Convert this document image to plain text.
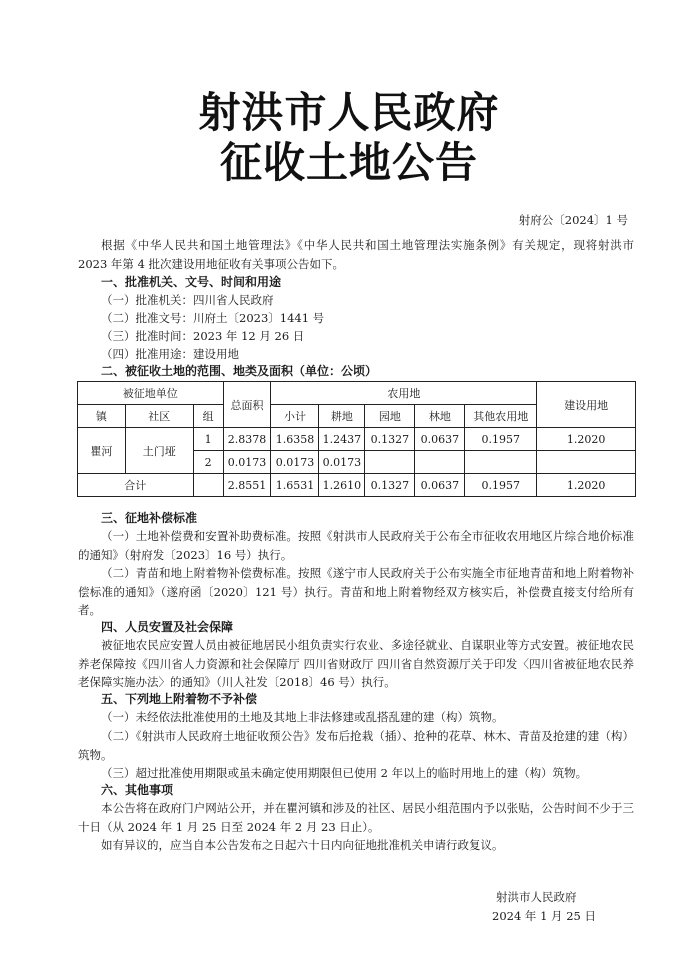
射洪市人民政府
征收土地公告
射府公〔2024〕1 号
根据《中华人民共和国土地管理法》《中华人民共和国土地管理法实施条例》有关规定，现将射洪市 2023 年第 4 批次建设用地征收有关事项公告如下。
一、批准机关、文号、时间和用途
（一）批准机关：四川省人民政府
（二）批准文号：川府土〔2023〕1441 号
（三）批准时间：2023 年 12 月 26 日
（四）批准用途：建设用地
二、被征收土地的范围、地类及面积（单位：公顷）
被征地单位			总面积	农用地					建设用地
镇	社区	组		小计	耕地	园地	林地	其他农用地	
瞿河	土门垭	1	2.8378	1.6358	1.2437	0.1327	0.0637	0.1957	1.2020
		2	0.0173	0.0173	0.0173				
合计			2.8551	1.6531	1.2610	0.1327	0.0637	0.1957	1.2020
三、征地补偿标准
（一）土地补偿费和安置补助费标准。按照《射洪市人民政府关于公布全市征收农用地区片综合地价标准的通知》（射府发〔2023〕16 号）执行。
（二）青苗和地上附着物补偿费标准。按照《遂宁市人民政府关于公布实施全市征地青苗和地上附着物补偿标准的通知》（遂府函〔2020〕121 号）执行。青苗和地上附着物经双方核实后，补偿费直接支付给所有者。
四、人员安置及社会保障
被征地农民应安置人员由被征地居民小组负责实行农业、多途径就业、自谋职业等方式安置。被征地农民养老保障按《四川省人力资源和社会保障厅 四川省财政厅 四川省自然资源厅关于印发〈四川省被征地农民养老保障实施办法〉的通知》（川人社发〔2018〕46 号）执行。
五、下列地上附着物不予补偿
（一）未经依法批准使用的土地及其地上非法修建或乱搭乱建的建（构）筑物。
（二）《射洪市人民政府土地征收预公告》发布后抢栽（插）、抢种的花草、林木、青苗及抢建的建（构）筑物。
（三）超过批准使用期限或虽未确定使用期限但已使用 2 年以上的临时用地上的建（构）筑物。
六、其他事项
本公告将在政府门户网站公开，并在瞿河镇和涉及的社区、居民小组范围内予以张贴，公告时间不少于三十日（从 2024 年 1 月 25 日至 2024 年 2 月 23 日止）。
如有异议的，应当自本公告发布之日起六十日内向征地批准机关申请行政复议。
射洪市人民政府
2024 年 1 月 25 日
